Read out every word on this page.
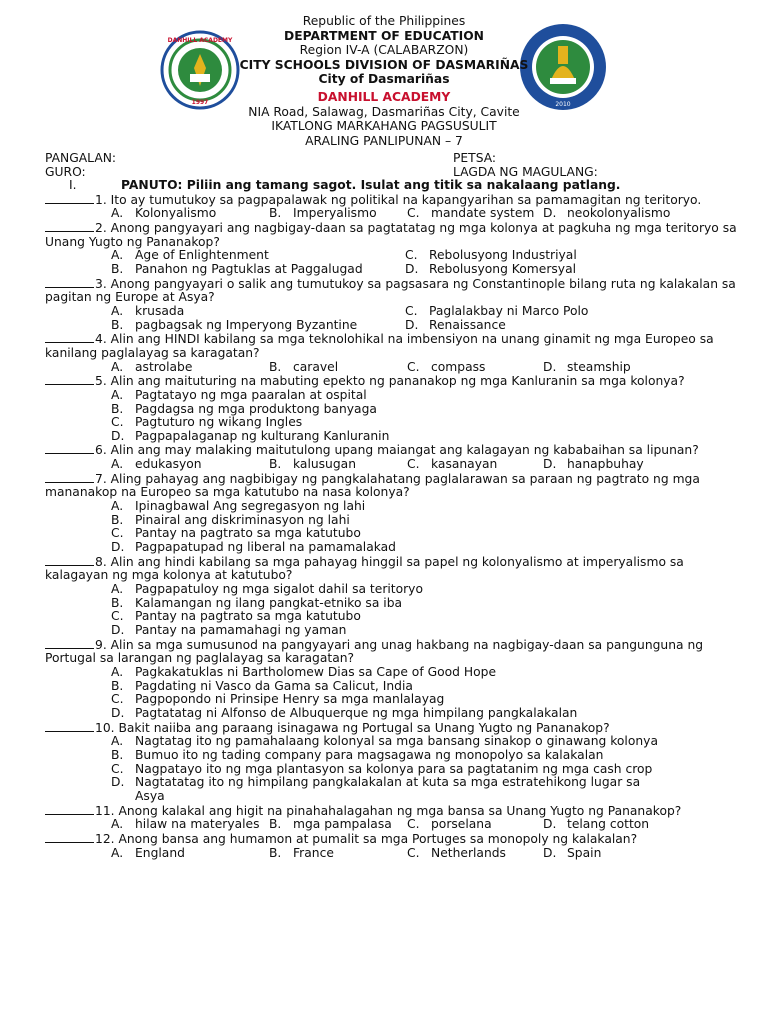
DANHILL ACADEMY
1997	2010
Republic of the Philippines
DEPARTMENT OF EDUCATION
Region IV-A (CALABARZON)
CITY SCHOOLS DIVISION OF DASMARIÑAS
City of Dasmariñas
DANHILL ACADEMY
NIA Road, Salawag, Dasmariñas City, Cavite
IKATLONG MARKAHANG PAGSUSULIT
ARALING PANLIPUNAN – 7
PANGALAN:	PETSA:
GURO:	LAGDA NG MAGULANG:
I.	PANUTO: Piliin ang tamang sagot. Isulat ang titik sa nakalaang patlang.
1. Ito ay tumutukoy sa pagpapalawak ng politikal na kapangyarihan sa pamamagitan ng teritoryo.
A. Kolonyalismo	B. Imperyalismo	C. mandate system D. neokolonyalismo
2. Anong pangyayari ang nagbigay-daan sa pagtatatag ng mga kolonya at pagkuha ng mga teritoryo sa Unang Yugto ng Pananakop?
A. Age of Enlightenment	C. Rebolusyong Industriyal
B. Panahon ng Pagtuklas at Paggalugad	D. Rebolusyong Komersyal
3. Anong pangyayari o salik ang tumutukoy sa pagsasara ng Constantinople bilang ruta ng kalakalan sa pagitan ng Europe at Asya?
A. krusada	C. Paglalakbay ni Marco Polo
B. pagbagsak ng Imperyong Byzantine	D. Renaissance
4. Alin ang HINDI kabilang sa mga teknolohikal na imbensiyon na unang ginamit ng mga Europeo sa kanilang paglalayag sa karagatan?
A. astrolabe	B. caravel	C. compass	D. steamship
5. Alin ang maituturing na mabuting epekto ng pananakop ng mga Kanluranin sa mga kolonya?
A. Pagtatayo ng mga paaralan at ospital
B. Pagdagsa ng mga produktong banyaga
C. Pagtuturo ng wikang Ingles
D. Pagpapalaganap ng kulturang Kanluranin
6. Alin ang may malaking maitutulong upang maiangat ang kalagayan ng kababaihan sa lipunan?
A. edukasyon	B. kalusugan	C. kasanayan	D. hanapbuhay
7. Aling pahayag ang nagbibigay ng pangkalahatang paglalarawan sa paraan ng pagtrato ng mga mananakop na Europeo sa mga katutubo na nasa kolonya?
A. Ipinagbawal Ang segregasyon ng lahi
B. Pinairal ang diskriminasyon ng lahi
C. Pantay na pagtrato sa mga katutubo
D. Pagpapatupad ng liberal na pamamalakad
8. Alin ang hindi kabilang sa mga pahayag hinggil sa papel ng kolonyalismo at imperyalismo sa kalagayan ng mga kolonya at katutubo?
A. Pagpapatuloy ng mga sigalot dahil sa teritoryo
B. Kalamangan ng ilang pangkat-etniko sa iba
C. Pantay na pagtrato sa mga katutubo
D. Pantay na pamamahagi ng yaman
9. Alin sa mga sumusunod na pangyayari ang unag hakbang na nagbigay-daan sa pangunguna ng Portugal sa larangan ng paglalayag sa karagatan?
A. Pagkakatuklas ni Bartholomew Dias sa Cape of Good Hope
B. Pagdating ni Vasco da Gama sa Calicut, India
C. Pagpopondo ni Prinsipe Henry sa mga manlalayag
D. Pagtatatag ni Alfonso de Albuquerque ng mga himpilang pangkalakalan
10. Bakit naiiba ang paraang isinagawa ng Portugal sa Unang Yugto ng Pananakop?
A. Nagtatag ito ng pamahalaang kolonyal sa mga bansang sinakop o ginawang kolonya
B. Bumuo ito ng tading company para magsagawa ng monopolyo sa kalakalan
C. Nagpatayo ito ng mga plantasyon sa kolonya para sa pagtatanim ng mga cash crop
D. Nagtatatag ito ng himpilang pangkalakalan at kuta sa mga estratehikong lugar sa
Asya
11. Anong kalakal ang higit na pinahahalagahan ng mga bansa sa Unang Yugto ng Pananakop?
A. hilaw na materyales B. mga pampalasa	C. porselana	D. telang cotton
12. Anong bansa ang humamon at pumalit sa mga Portuges sa monopoly ng kalakalan?
A. England	B. France	C. Netherlands	D. Spain
